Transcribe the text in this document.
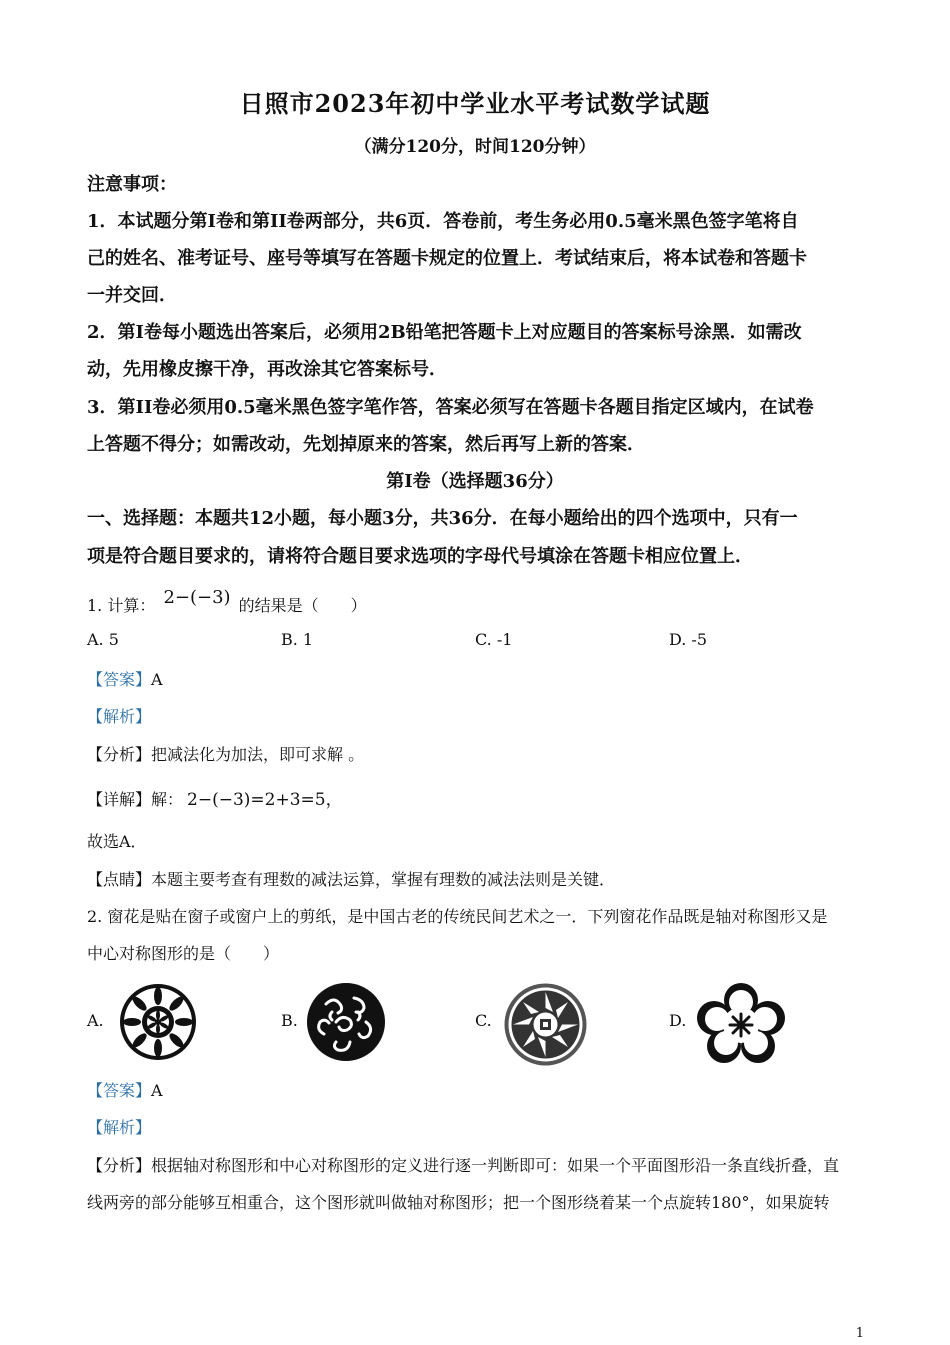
日照市2023年初中学业水平考试数学试题
（满分120分，时间120分钟）
注意事项：
1．本试题分第I卷和第II卷两部分，共6页．答卷前，考生务必用0.5毫米黑色签字笔将自
己的姓名、准考证号、座号等填写在答题卡规定的位置上．考试结束后，将本试卷和答题卡
一并交回．
2．第I卷每小题选出答案后，必须用2B铅笔把答题卡上对应题目的答案标号涂黑．如需改
动，先用橡皮擦干净，再改涂其它答案标号．
3．第II卷必须用0.5毫米黑色签字笔作答，答案必须写在答题卡各题目指定区域内，在试卷
上答题不得分；如需改动，先划掉原来的答案，然后再写上新的答案．
第I卷（选择题36分）
一、选择题：本题共12小题，每小题3分，共36分．在每小题给出的四个选项中，只有一
项是符合题目要求的，请将符合题目要求选项的字母代号填涂在答题卡相应位置上．
1. 计算： 2−(−3) 的结果是（　　）
A. 5	B. 1	C. -1	D. -5
【答案】A
【解析】
【分析】把减法化为加法，即可求解 。
【详解】解： 2−(−3)=2+3=5，
故选A．
【点睛】本题主要考查有理数的减法运算，掌握有理数的减法法则是关键．
2. 窗花是贴在窗子或窗户上的剪纸，是中国古老的传统民间艺术之一．下列窗花作品既是轴对称图形又是
中心对称图形的是（　　）
A.	B.	C.	D.
【答案】A
【解析】
【分析】根据轴对称图形和中心对称图形的定义进行逐一判断即可：如果一个平面图形沿一条直线折叠，直
线两旁的部分能够互相重合，这个图形就叫做轴对称图形；把一个图形绕着某一个点旋转180°，如果旋转
1
